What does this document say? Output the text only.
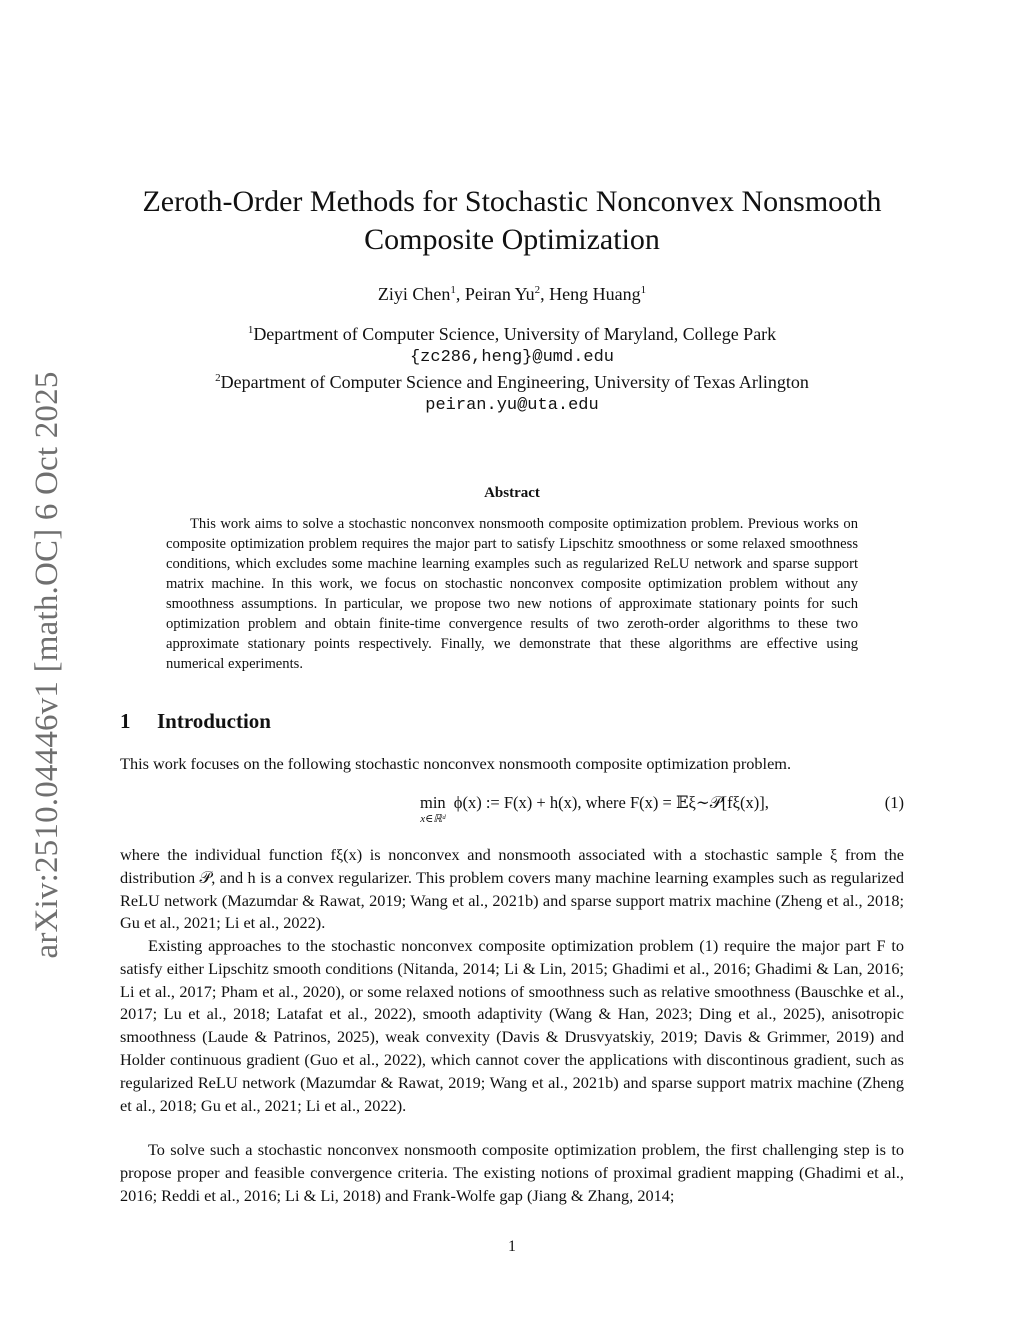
arXiv:2510.04446v1 [math.OC] 6 Oct 2025
Zeroth-Order Methods for Stochastic Nonconvex Nonsmooth Composite Optimization
Ziyi Chen$^1$, Peiran Yu$^2$, Heng Huang$^1$
$^1$Department of Computer Science, University of Maryland, College Park
{zc286,heng}@umd.edu
$^2$Department of Computer Science and Engineering, University of Texas Arlington
peiran.yu@uta.edu
Abstract

This work aims to solve a stochastic nonconvex nonsmooth composite optimization problem. Previous works on composite optimization problem requires the major part to satisfy Lipschitz smoothness or some relaxed smoothness conditions, which excludes some machine learning examples such as regularized ReLU network and sparse support matrix machine. In this work, we focus on stochastic nonconvex composite optimization problem without any smoothness assumptions. In particular, we propose two new notions of approximate stationary points for such optimization problem and obtain finite-time convergence results of two zeroth-order algorithms to these two approximate stationary points respectively. Finally, we demonstrate that these algorithms are effective using numerical experiments.

1 Introduction

This work focuses on the following stochastic nonconvex nonsmooth composite optimization problem.

min
x∈ℝᵈ
ϕ(x) := F(x) + h(x), where F(x) = 𝔼ξ∼𝒫[fξ(x)],	(1)

where the individual function fξ(x) is nonconvex and nonsmooth associated with a stochastic sample ξ from the distribution 𝒫, and h is a convex regularizer. This problem covers many machine learning examples such as regularized ReLU network (Mazumdar & Rawat, 2019; Wang et al., 2021b) and sparse support matrix machine (Zheng et al., 2018; Gu et al., 2021; Li et al., 2022).

Existing approaches to the stochastic nonconvex composite optimization problem (1) require the major part F to satisfy either Lipschitz smooth conditions (Nitanda, 2014; Li & Lin, 2015; Ghadimi et al., 2016; Ghadimi & Lan, 2016; Li et al., 2017; Pham et al., 2020), or some relaxed notions of smoothness such as relative smoothness (Bauschke et al., 2017; Lu et al., 2018; Latafat et al., 2022), smooth adaptivity (Wang & Han, 2023; Ding et al., 2025), anisotropic smoothness (Laude & Patrinos, 2025), weak convexity (Davis & Drusvyatskiy, 2019; Davis & Grimmer, 2019) and Holder continuous gradient (Guo et al., 2022), which cannot cover the applications with discontinous gradient, such as regularized ReLU network (Mazumdar & Rawat, 2019; Wang et al., 2021b) and sparse support matrix machine (Zheng et al., 2018; Gu et al., 2021; Li et al., 2022).

To solve such a stochastic nonconvex nonsmooth composite optimization problem, the first challenging step is to propose proper and feasible convergence criteria. The existing notions of proximal gradient mapping (Ghadimi et al., 2016; Reddi et al., 2016; Li & Li, 2018) and Frank-Wolfe gap (Jiang & Zhang, 2014;

1
